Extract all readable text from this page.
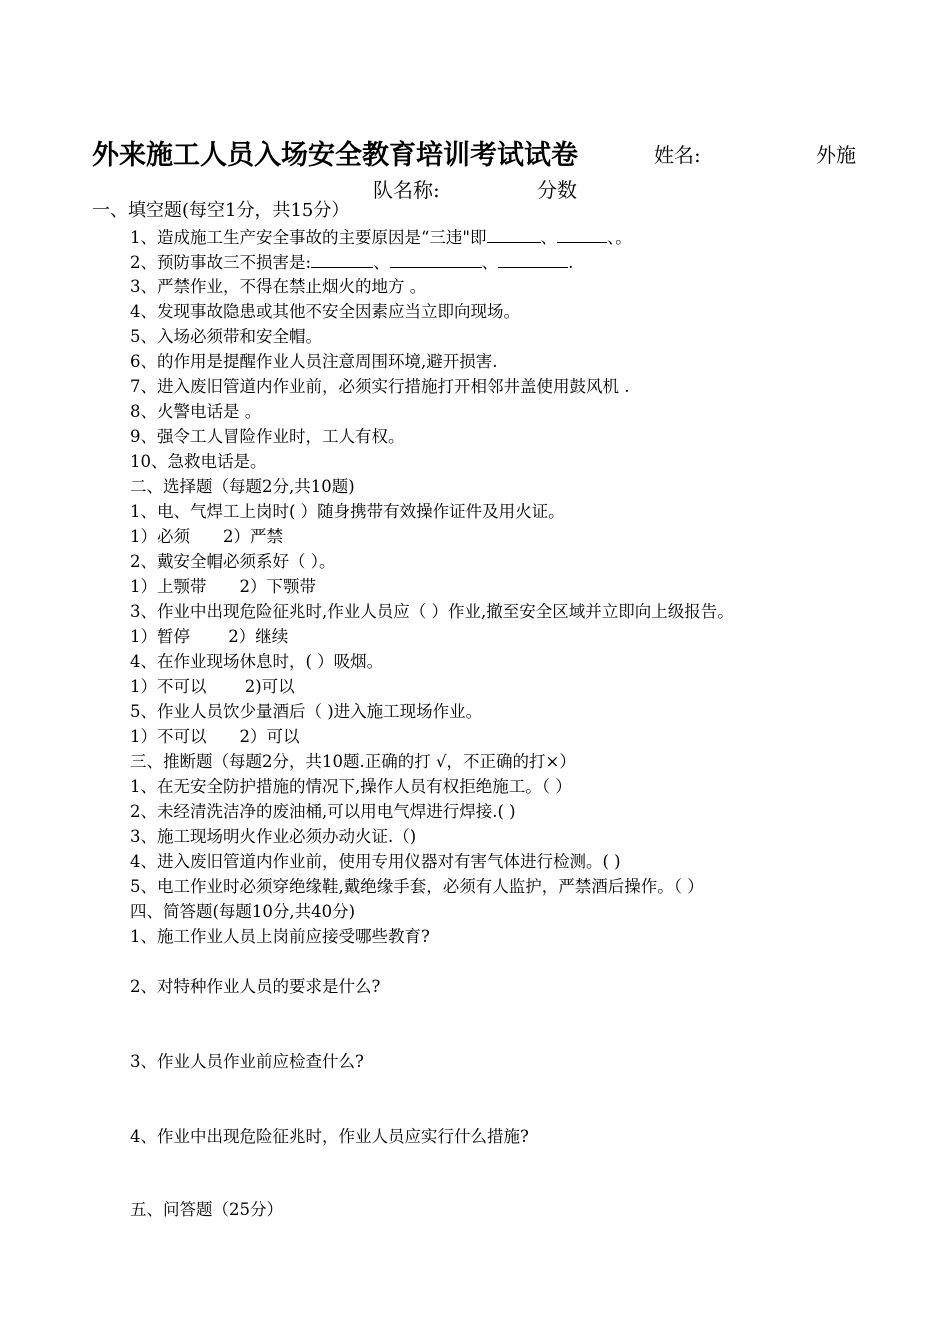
外来施工人员入场安全教育培训考试试卷	姓名:	外施
队名称:	分数
一、填空题(每空1分，共15分）
1、造成施工生产安全事故的主要原因是“三违"即	、	、。
2、预防事故三不损害是:	、	、	.
3、严禁作业，不得在禁止烟火的地方 。
4、发现事故隐患或其他不安全因素应当立即向现场。
5、入场必须带和安全帽。
6、的作用是提醒作业人员注意周围环境,避开损害.
7、进入废旧管道内作业前，必须实行措施打开相邻井盖使用鼓风机 .
8、火警电话是 。
9、强令工人冒险作业时，工人有权。
10、急救电话是。
二、选择题（每题2分,共10题)
1、电、气焊工上岗时( ）随身携带有效操作证件及用火证。
1）必须　　2）严禁
2、戴安全帽必须系好（ ）。
1）上颚带　　2）下颚带
3、作业中出现危险征兆时,作业人员应（ ）作业,撤至安全区域并立即向上级报告。
1）暂停　　 2）继续
4、在作业现场休息时，( ）吸烟。
1）不可以　　 2)可以
5、作业人员饮少量酒后（ )进入施工现场作业。
1）不可以　　2）可以
三、推断题（每题2分，共10题.正确的打 √，不正确的打×）
1、在无安全防护措施的情况下,操作人员有权拒绝施工。（ ）
2、未经清洗洁净的废油桶,可以用电气焊进行焊接.( )
3、施工现场明火作业必须办动火证.（)
4、进入废旧管道内作业前，使用专用仪器对有害气体进行检测。( )
5、电工作业时必须穿绝缘鞋,戴绝缘手套，必须有人监护，严禁酒后操作。（ ）
四、简答题(每题10分,共40分)
1、施工作业人员上岗前应接受哪些教育?
2、对特种作业人员的要求是什么?
3、作业人员作业前应检查什么?
4、作业中出现危险征兆时，作业人员应实行什么措施?
五、问答题（25分）
